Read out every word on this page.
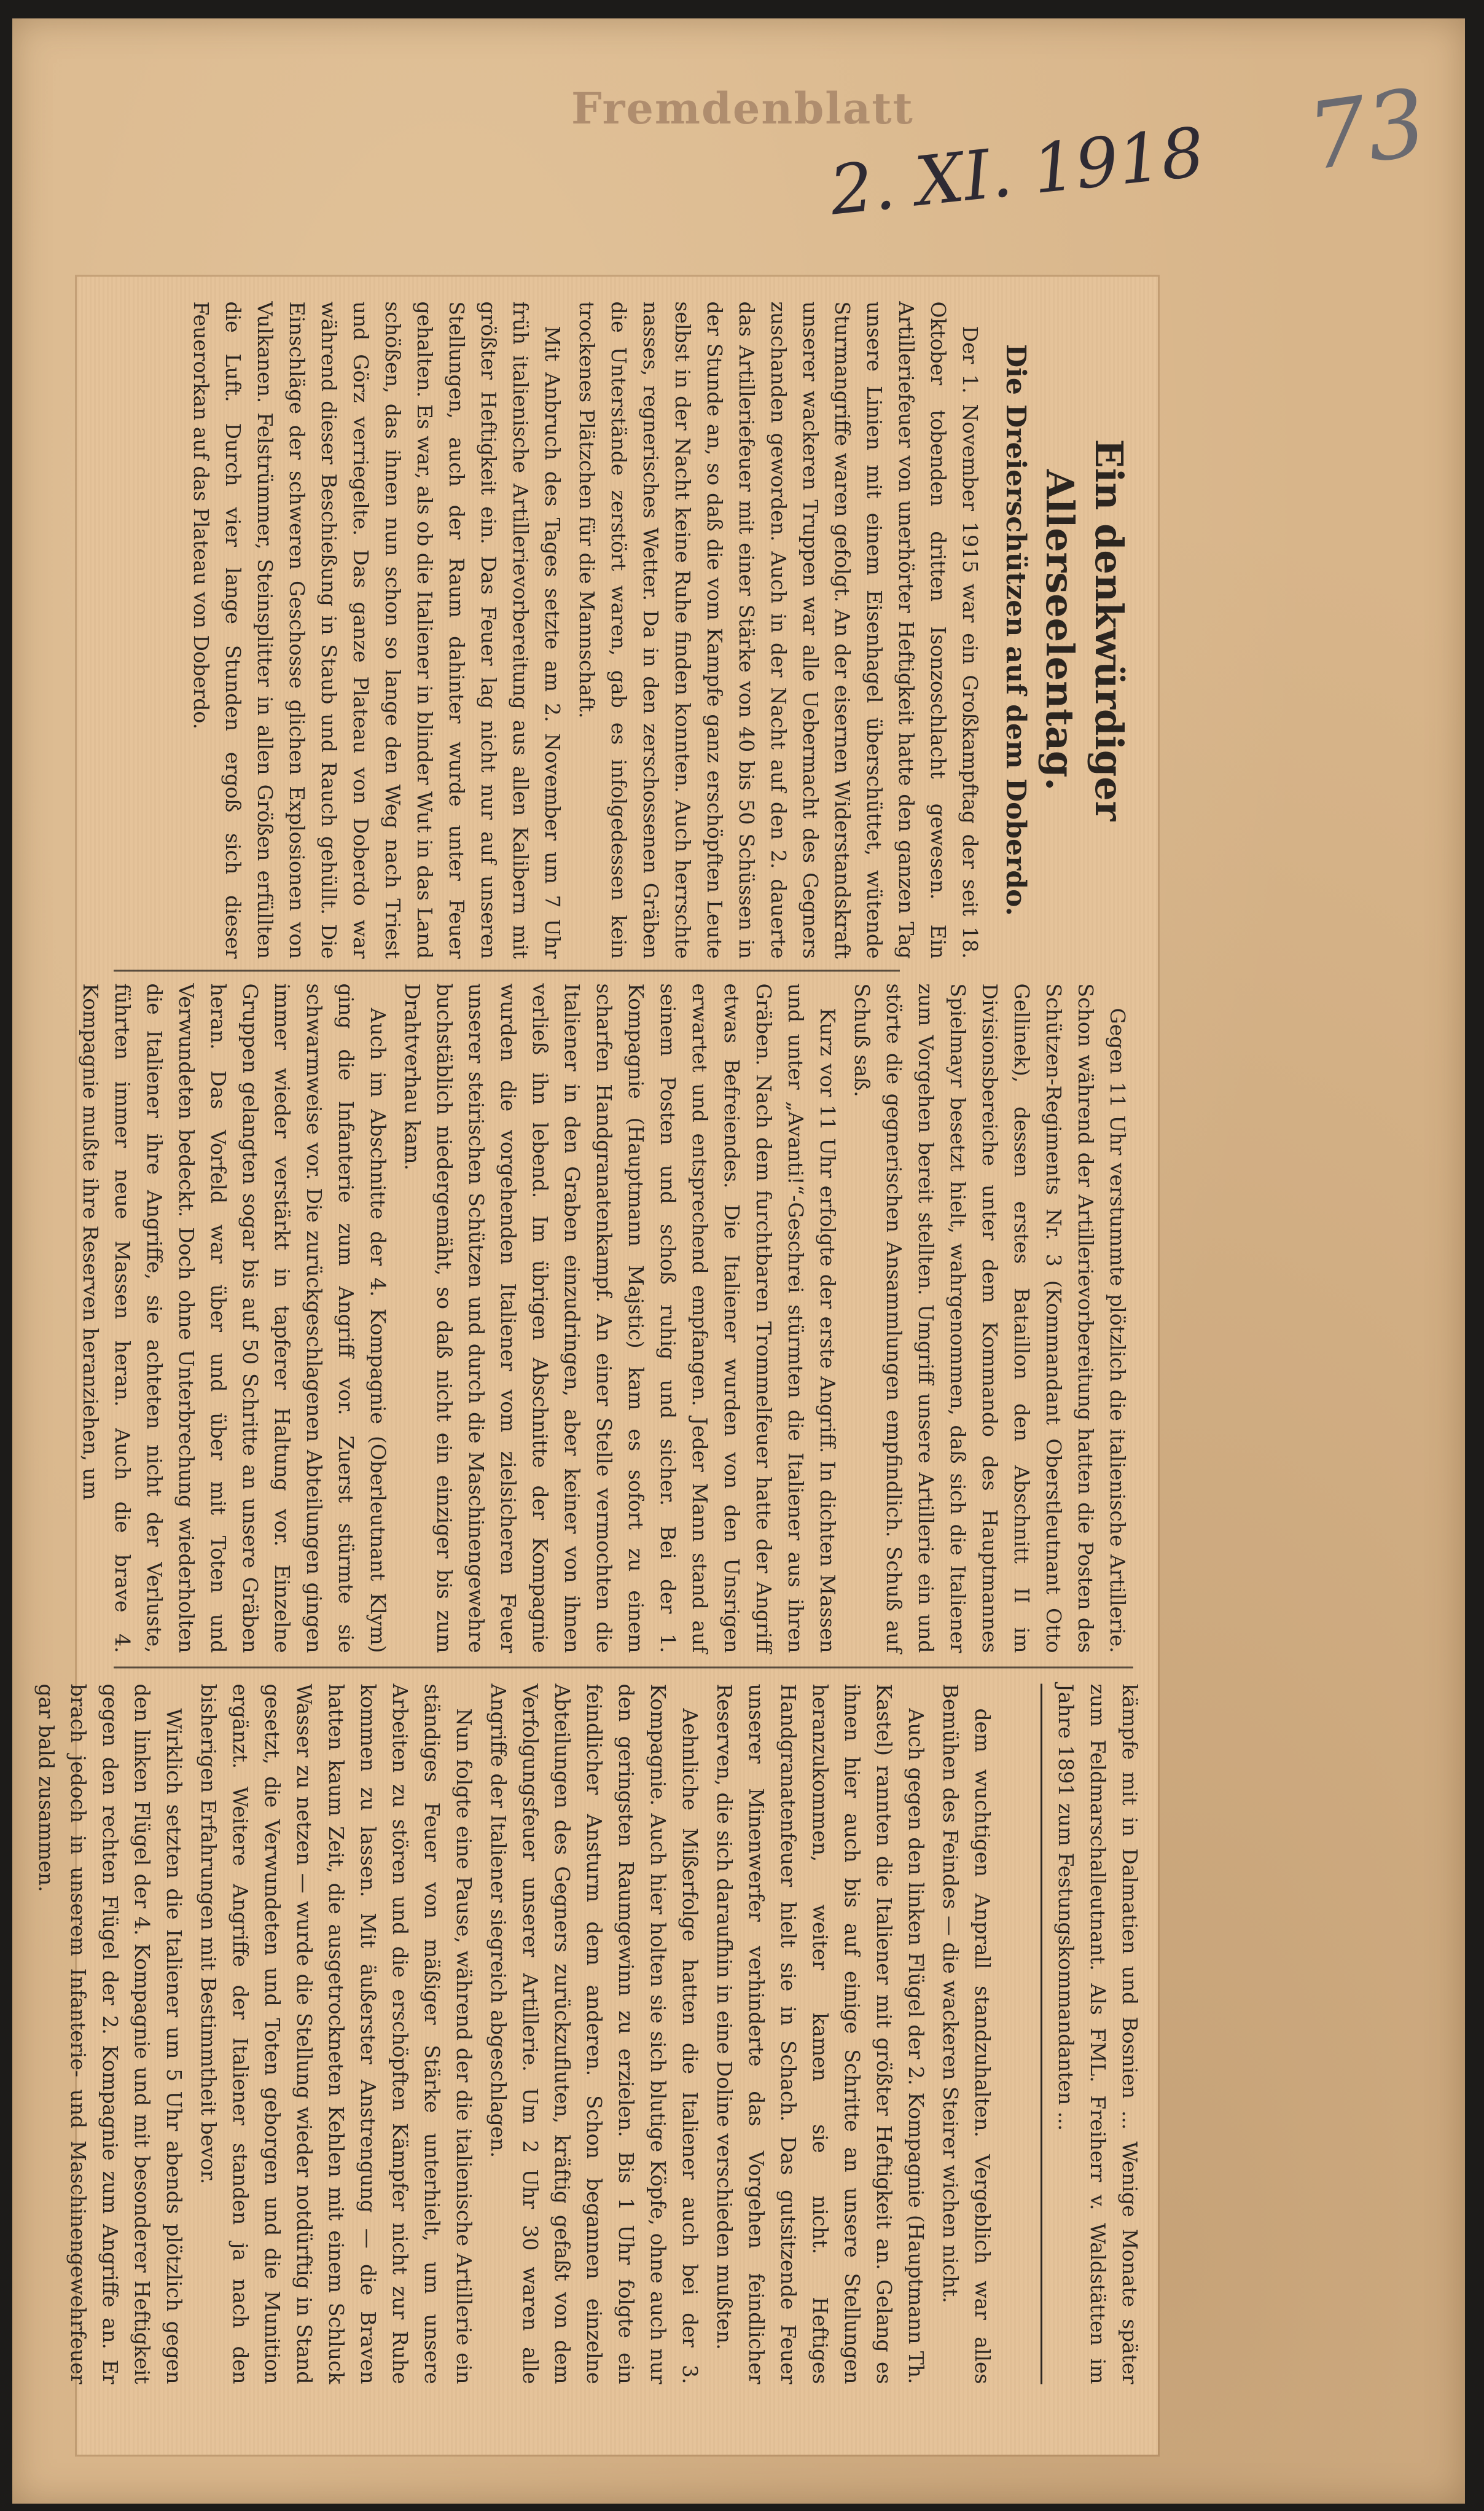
Fremdenblatt
2. XI. 1918 73
Ein denkwürdiger Allerseelentag.
Die Dreierschützen auf dem Doberdo.

Der 1. November 1915 war ein Großkampftag der seit 18. Oktober tobenden dritten Isonzoschlacht gewesen. Ein Artilleriefeuer von unerhörter Heftigkeit hatte den ganzen Tag unsere Linien mit einem Eisenhagel überschüttet, wütende Sturmangriffe waren gefolgt. An der eisernen Widerstandskraft unserer wackeren Truppen war alle Uebermacht des Gegners zuschanden geworden. Auch in der Nacht auf den 2. dauerte das Artilleriefeuer mit einer Stärke von 40 bis 50 Schüssen in der Stunde an, so daß die vom Kampfe ganz erschöpften Leute selbst in der Nacht keine Ruhe finden konnten. Auch herrschte nasses, regnerisches Wetter. Da in den zerschossenen Gräben die Unterstände zerstört waren, gab es infolgedessen kein trockenes Plätzchen für die Mannschaft.

Mit Anbruch des Tages setzte am 2. November um 7 Uhr früh italienische Artillerievorbereitung aus allen Kalibern mit größter Heftigkeit ein. Das Feuer lag nicht nur auf unseren Stellungen, auch der Raum dahinter wurde unter Feuer gehalten. Es war, als ob die Italiener in blinder Wut in das Land schößen, das ihnen nun schon so lange den Weg nach Triest und Görz verriegelte. Das ganze Plateau von Doberdo war während dieser Beschießung in Staub und Rauch gehüllt. Die Einschläge der schweren Geschosse glichen Explosionen von Vulkanen. Felstrümmer, Steinsplitter in allen Größen erfüllten die Luft. Durch vier lange Stunden ergoß sich dieser Feuerorkan auf das Plateau von Doberdo.

Gegen 11 Uhr verstummte plötzlich die italienische Artillerie. Schon während der Artillerievorbereitung hatten die Posten des Schützen-Regiments Nr. 3 (Kommandant Oberstleutnant Otto Gellinek), dessen erstes Bataillon den Abschnitt II im Divisionsbereiche unter dem Kommando des Hauptmannes Spielmayr besetzt hielt, wahrgenommen, daß sich die Italiener zum Vorgehen bereit stellten. Umgriff unsere Artillerie ein und störte die gegnerischen Ansammlungen empfindlich. Schuß auf Schuß saß.

Kurz vor 11 Uhr erfolgte der erste Angriff. In dichten Massen und unter „Avanti!“-Geschrei stürmten die Italiener aus ihren Gräben. Nach dem furchtbaren Trommelfeuer hatte der Angriff etwas Befreiendes. Die Italiener wurden von den Unsrigen erwartet und entsprechend empfangen. Jeder Mann stand auf seinem Posten und schoß ruhig und sicher. Bei der 1. Kompagnie (Hauptmann Majstic) kam es sofort zu einem scharfen Handgranatenkampf. An einer Stelle vermochten die Italiener in den Graben einzudringen, aber keiner von ihnen verließ ihn lebend. Im übrigen Abschnitte der Kompagnie wurden die vorgehenden Italiener vom zielsicheren Feuer unserer steirischen Schützen und durch die Maschinengewehre buchstäblich niedergemäht, so daß nicht ein einziger bis zum Drahtverhau kam.

Auch im Abschnitte der 4. Kompagnie (Oberleutnant Klym) ging die Infanterie zum Angriff vor. Zuerst stürmte sie schwarmweise vor. Die zurückgeschlagenen Abteilungen gingen immer wieder verstärkt in tapferer Haltung vor. Einzelne Gruppen gelangten sogar bis auf 50 Schritte an unsere Gräben heran. Das Vorfeld war über und über mit Toten und Verwundeten bedeckt. Doch ohne Unterbrechung wiederholten die Italiener ihre Angriffe, sie achteten nicht der Verluste, führten immer neue Massen heran. Auch die brave 4. Kompagnie mußte ihre Reserven heranziehen, um

kämpfe mit in Dalmatien und Bosnien ... Wenige Monate später zum Feldmarschalleutnant. Als FML. Freiherr v. Waldstätten im Jahre 1891 zum Festungskommandanten ...

dem wuchtigen Anprall standzuhalten. Vergeblich war alles Bemühen des Feindes — die wackeren Steirer wichen nicht.

Auch gegen den linken Flügel der 2. Kompagnie (Hauptmann Th. Kastel) rannten die Italiener mit größter Heftigkeit an. Gelang es ihnen hier auch bis auf einige Schritte an unsere Stellungen heranzukommen, weiter kamen sie nicht. Heftiges Handgranatenfeuer hielt sie in Schach. Das gutsitzende Feuer unserer Minenwerfer verhinderte das Vorgehen feindlicher Reserven, die sich daraufhin in eine Doline verschieden mußten.

Aehnliche Mißerfolge hatten die Italiener auch bei der 3. Kompagnie. Auch hier holten sie sich blutige Köpfe, ohne auch nur den geringsten Raumgewinn zu erzielen. Bis 1 Uhr folgte ein feindlicher Ansturm dem anderen. Schon begannen einzelne Abteilungen des Gegners zurückzufluten, kräftig gefaßt von dem Verfolgungsfeuer unserer Artillerie. Um 2 Uhr 30 waren alle Angriffe der Italiener siegreich abgeschlagen.

Nun folgte eine Pause, während der die italienische Artillerie ein ständiges Feuer von mäßiger Stärke unterhielt, um unsere Arbeiten zu stören und die erschöpften Kämpfer nicht zur Ruhe kommen zu lassen. Mit äußerster Anstrengung — die Braven hatten kaum Zeit, die ausgetrockneten Kehlen mit einem Schluck Wasser zu netzen — wurde die Stellung wieder notdürftig in Stand gesetzt, die Verwundeten und Toten geborgen und die Munition ergänzt. Weitere Angriffe der Italiener standen ja nach den bisherigen Erfahrungen mit Bestimmtheit bevor.

Wirklich setzten die Italiener um 5 Uhr abends plötzlich gegen den linken Flügel der 4. Kompagnie und mit besonderer Heftigkeit gegen den rechten Flügel der 2. Kompagnie zum Angriffe an. Er brach jedoch in unserem Infanterie- und Maschinengewehrfeuer gar bald zusammen.
